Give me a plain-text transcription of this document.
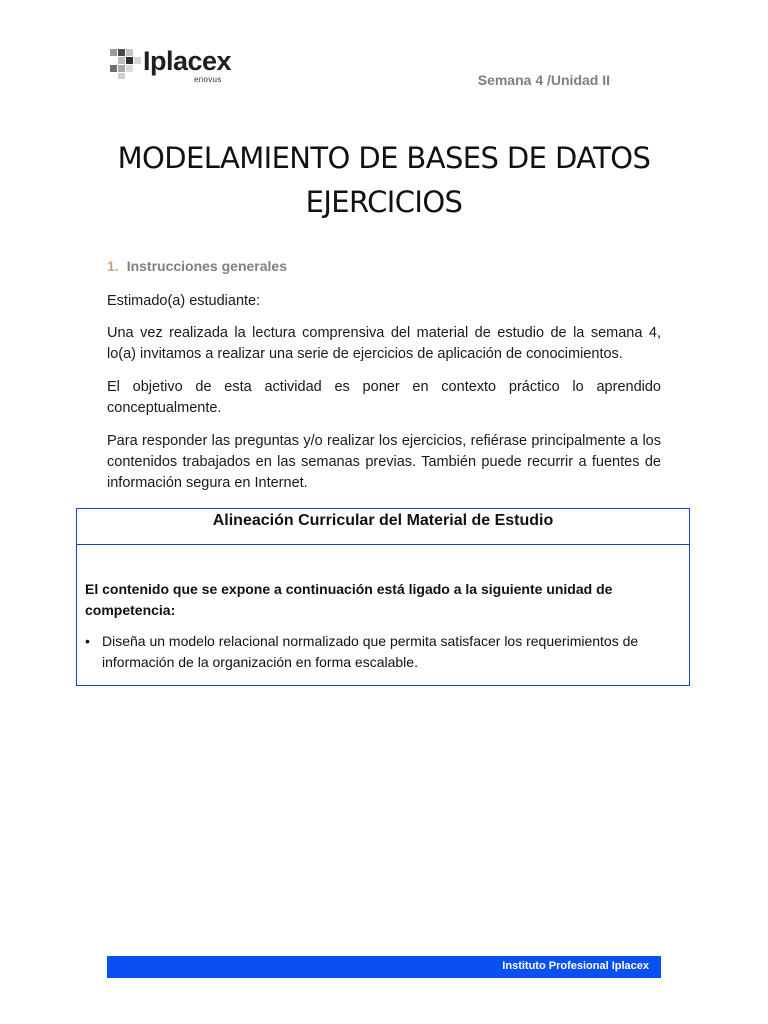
Iplacex
enovus	Semana 4 /Unidad II
MODELAMIENTO DE BASES DE DATOS
EJERCICIOS
1. Instrucciones generales

Estimado(a) estudiante:

Una vez realizada la lectura comprensiva del material de estudio de la semana 4, lo(a) invitamos a realizar una serie de ejercicios de aplicación de conocimientos.

El objetivo de esta actividad es poner en contexto práctico lo aprendido conceptualmente.

Para responder las preguntas y/o realizar los ejercicios, refiérase principalmente a los contenidos trabajados en las semanas previas. También puede recurrir a fuentes de información segura en Internet.

Alineación Curricular del Material de Estudio

El contenido que se expone a continuación está ligado a la siguiente unidad de competencia:

• Diseña un modelo relacional normalizado que permita satisfacer los requerimientos de información de la organización en forma escalable.
Instituto Profesional Iplacex
